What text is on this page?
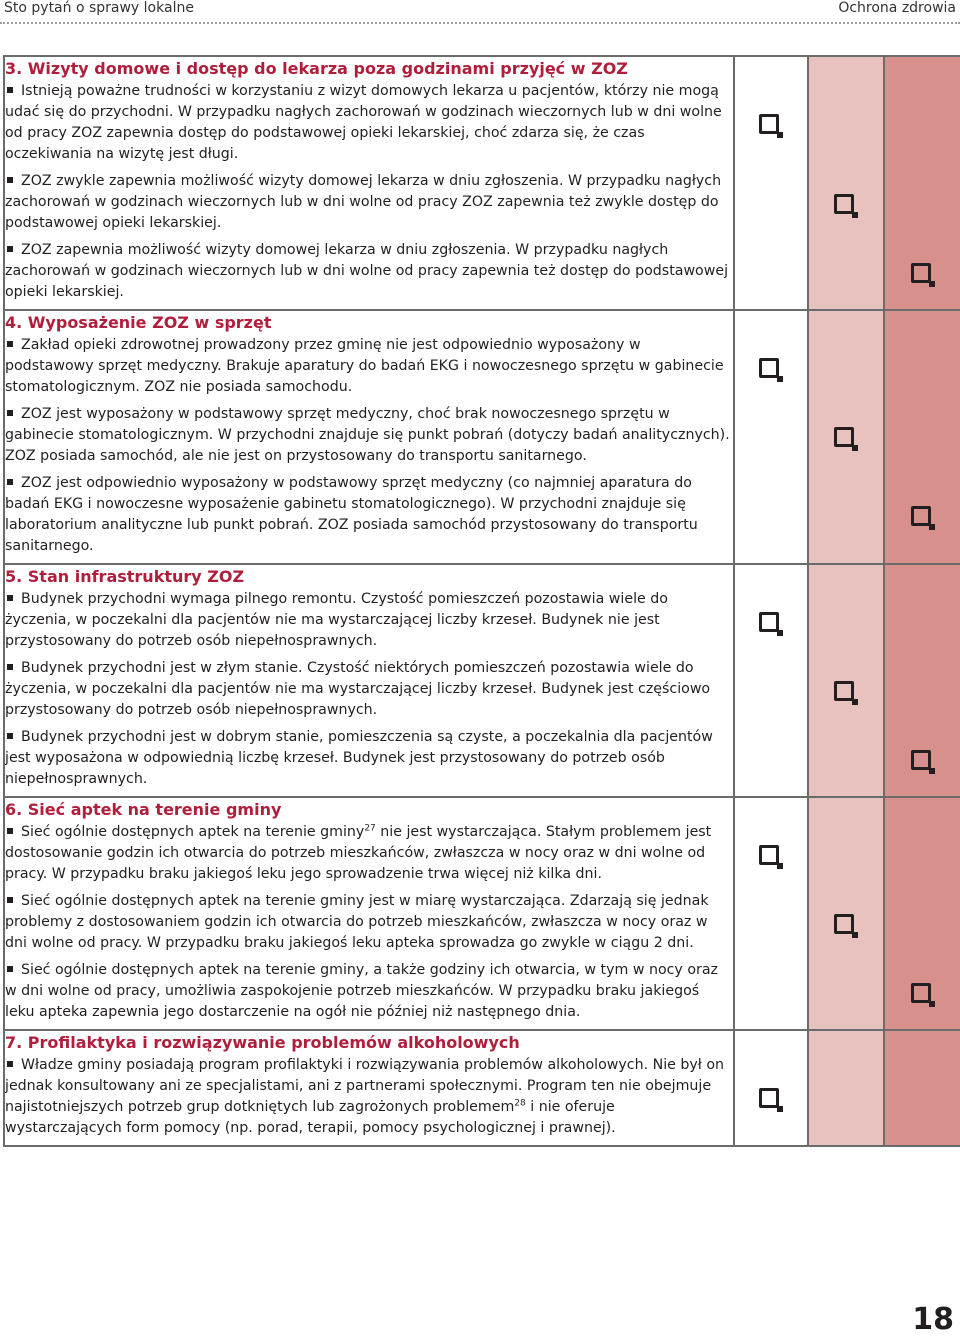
Sto pytań o sprawy lokalne	Ochrona zdrowia
3. Wizyty domowe i dostęp do lekarza poza godzinami przyjęć w ZOZ
Istnieją poważne trudności w korzystaniu z wizyt domowych lekarza u pacjentów, którzy nie mogą udać się do przychodni. W przypadku nagłych zachorowań w godzinach wieczornych lub w dni wolne od pracy ZOZ zapewnia dostęp do podstawowej opieki lekarskiej, choć zdarza się, że czas oczekiwania na wizytę jest długi.
ZOZ zwykle zapewnia możliwość wizyty domowej lekarza w dniu zgłoszenia. W przypadku nagłych zachorowań w godzinach wieczornych lub w dni wolne od pracy ZOZ zapewnia też zwykle dostęp do podstawowej opieki lekarskiej.
ZOZ zapewnia możliwość wizyty domowej lekarza w dniu zgłoszenia. W przypadku nagłych zachorowań w godzinach wieczornych lub w dni wolne od pracy zapewnia też dostęp do podstawowej opieki lekarskiej.			

4. Wyposażenie ZOZ w sprzęt
Zakład opieki zdrowotnej prowadzony przez gminę nie jest odpowiednio wyposażony w podstawowy sprzęt medyczny. Brakuje aparatury do badań EKG i nowoczesnego sprzętu w gabinecie stomatologicznym. ZOZ nie posiada samochodu.
ZOZ jest wyposażony w podstawowy sprzęt medyczny, choć brak nowoczesnego sprzętu w gabinecie stomatologicznym. W przychodni znajduje się punkt pobrań (dotyczy badań analitycznych). ZOZ posiada samochód, ale nie jest on przystosowany do transportu sanitarnego.
ZOZ jest odpowiednio wyposażony w podstawowy sprzęt medyczny (co najmniej aparatura do badań EKG i nowoczesne wyposażenie gabinetu stomatologicznego). W przychodni znajduje się laboratorium analityczne lub punkt pobrań. ZOZ posiada samochód przystosowany do transportu sanitarnego.			

5. Stan infrastruktury ZOZ
Budynek przychodni wymaga pilnego remontu. Czystość pomieszczeń pozostawia wiele do życzenia, w poczekalni dla pacjentów nie ma wystarczającej liczby krzeseł. Budynek nie jest przystosowany do potrzeb osób niepełnosprawnych.
Budynek przychodni jest w złym stanie. Czystość niektórych pomieszczeń pozostawia wiele do życzenia, w poczekalni dla pacjentów nie ma wystarczającej liczby krzeseł. Budynek jest częściowo przystosowany do potrzeb osób niepełnosprawnych.
Budynek przychodni jest w dobrym stanie, pomieszczenia są czyste, a poczekalnia dla pacjentów jest wyposażona w odpowiednią liczbę krzeseł. Budynek jest przystosowany do potrzeb osób niepełnosprawnych.			

6. Sieć aptek na terenie gminy
Sieć ogólnie dostępnych aptek na terenie gminy$^{27}$ nie jest wystarczająca. Stałym problemem jest dostosowanie godzin ich otwarcia do potrzeb mieszkańców, zwłaszcza w nocy oraz w dni wolne od pracy. W przypadku braku jakiegoś leku jego sprowadzenie trwa więcej niż kilka dni.
Sieć ogólnie dostępnych aptek na terenie gminy jest w miarę wystarczająca. Zdarzają się jednak problemy z dostosowaniem godzin ich otwarcia do potrzeb mieszkańców, zwłaszcza w nocy oraz w dni wolne od pracy. W przypadku braku jakiegoś leku apteka sprowadza go zwykle w ciągu 2 dni.
Sieć ogólnie dostępnych aptek na terenie gminy, a także godziny ich otwarcia, w tym w nocy oraz w dni wolne od pracy, umożliwia zaspokojenie potrzeb mieszkańców. W przypadku braku jakiegoś leku apteka zapewnia jego dostarczenie na ogół nie później niż następnego dnia.			

7. Profilaktyka i rozwiązywanie problemów alkoholowych
Władze gminy posiadają program profilaktyki i rozwiązywania problemów alkoholowych. Nie był on jednak konsultowany ani ze specjalistami, ani z partnerami społecznymi. Program ten nie obejmuje najistotniejszych potrzeb grup dotkniętych lub zagrożonych problemem$^{28}$ i nie oferuje wystarczających form pomocy (np. porad, terapii, pomocy psychologicznej i prawnej).			

18
